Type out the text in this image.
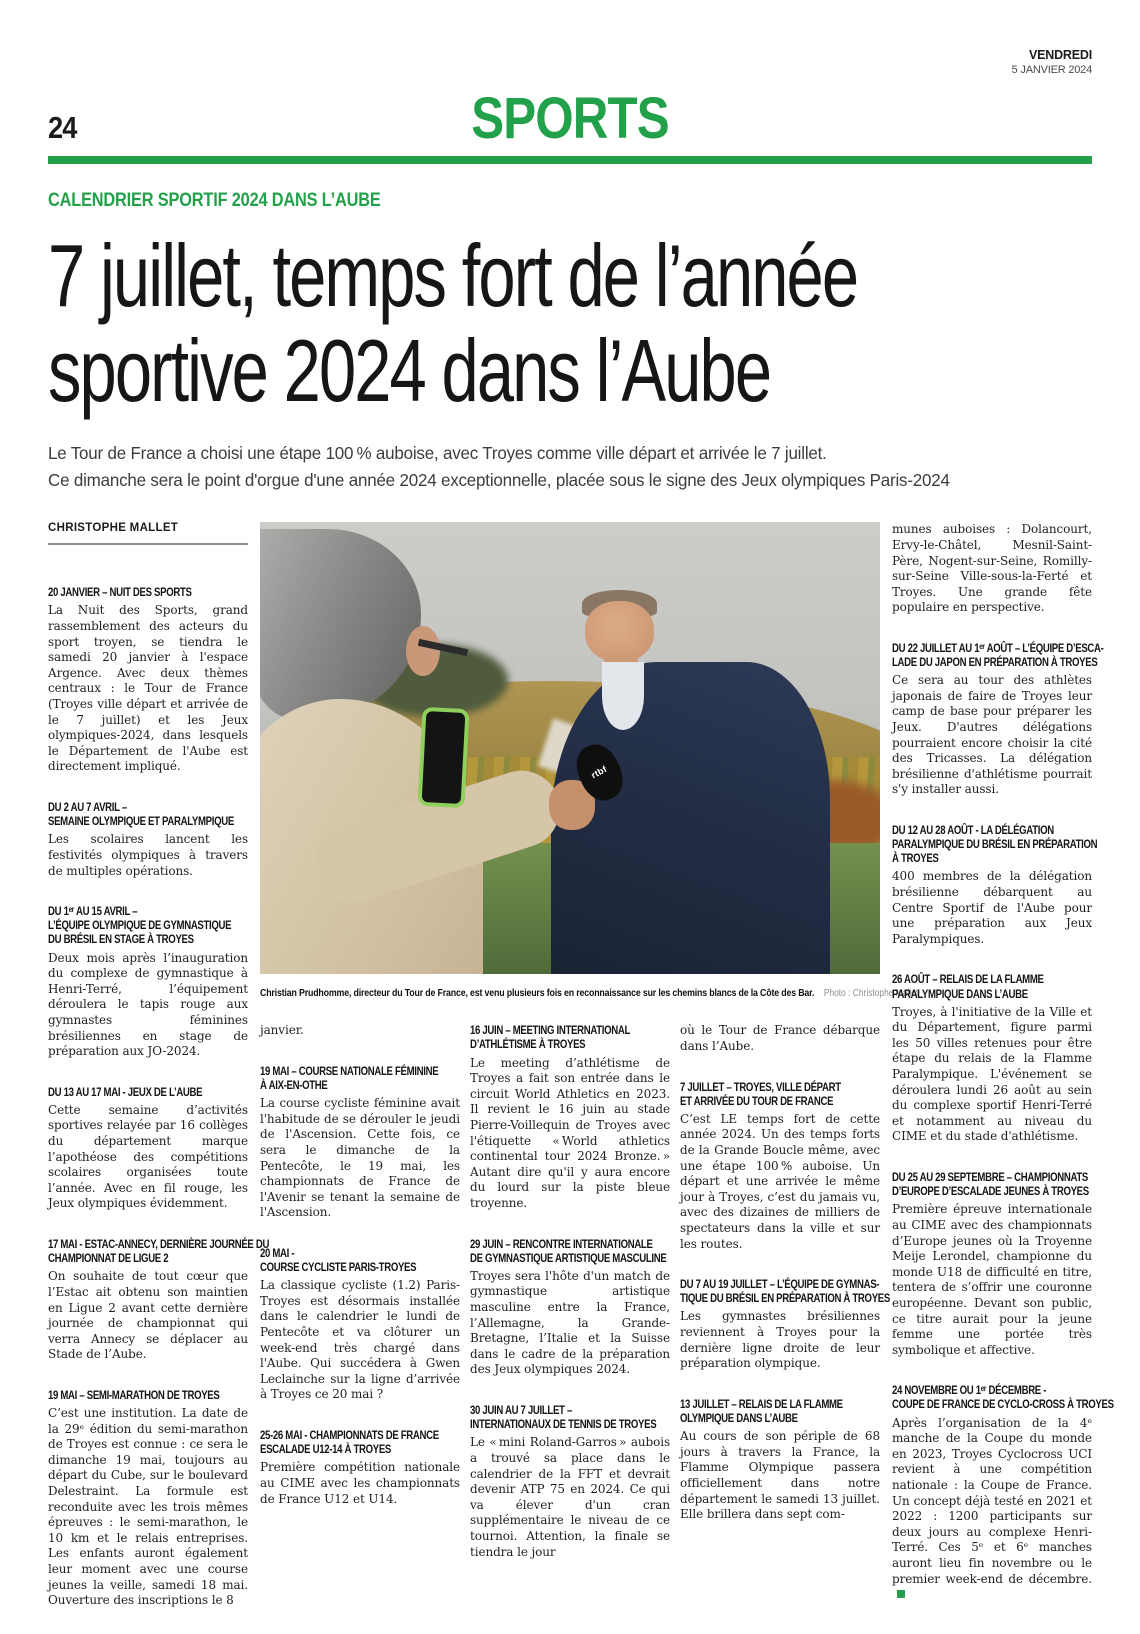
24	SPORTS
VENDREDI
5 JANVIER 2024
CALENDRIER SPORTIF 2024 DANS L’AUBE
7 juillet, temps fort de l’année
sportive 2024 dans l’Aube
Le Tour de France a choisi une étape 100 % auboise, avec Troyes comme ville départ et arrivée le 7 juillet.
Ce dimanche sera le point d'orgue d'une année 2024 exceptionnelle, placée sous le signe des Jeux olympiques Paris-2024
CHRISTOPHE MALLET
20 JANVIER – NUIT DES SPORTS

La Nuit des Sports, grand rassemblement des acteurs du sport troyen, se tiendra le samedi 20 janvier à l'espace Argence. Avec deux thèmes centraux : le Tour de France (Troyes ville départ et arrivée de le 7 juillet) et les Jeux olympiques-2024, dans lesquels le Département de l'Aube est directement impliqué.

DU 2 AU 7 AVRIL –
SEMAINE OLYMPIQUE ET PARALYMPIQUE

Les scolaires lancent les festivités olympiques à travers de multiples opérations.

DU 1ᵉʳ AU 15 AVRIL –
L’ÉQUIPE OLYMPIQUE DE GYMNASTIQUE
DU BRÉSIL EN STAGE À TROYES

Deux mois après l’inauguration du complexe de gymnastique à Henri-Terré, l’équipement déroulera le tapis rouge aux gymnastes féminines brésiliennes en stage de préparation aux JO-2024.

DU 13 AU 17 MAI - JEUX DE L’AUBE

Cette semaine d’activités sportives relayée par 16 collèges du département marque l’apothéose des compétitions scolaires organisées toute l’année. Avec en fil rouge, les Jeux olympiques évidemment.

17 MAI - ESTAC-ANNECY, DERNIÈRE JOURNÉE DU
CHAMPIONNAT DE LIGUE 2

On souhaite de tout cœur que l’Estac ait obtenu son maintien en Ligue 2 avant cette dernière journée de championnat qui verra Annecy se déplacer au Stade de l’Aube.

19 MAI – SEMI-MARATHON DE TROYES

C’est une institution. La date de la 29ᵉ édition du semi-marathon de Troyes est connue : ce sera le dimanche 19 mai, toujours au départ du Cube, sur le boulevard Delestraint. La formule est reconduite avec les trois mêmes épreuves : le semi-marathon, le 10 km et le relais entreprises. Les enfants auront également leur moment avec une course jeunes la veille, samedi 18 mai. Ouverture des inscriptions le 8

rtbf
Christian Prudhomme, directeur du Tour de France, est venu plusieurs fois en reconnaissance sur les chemins blancs de la Côte des Bar. Photo : Christophe Mallet

janvier.

19 MAI – COURSE NATIONALE FÉMININE
À AIX-EN-OTHE

La course cycliste féminine avait l'habitude de se dérouler le jeudi de l'Ascension. Cette fois, ce sera le dimanche de la Pentecôte, le 19 mai, les championnats de France de l'Avenir se tenant la semaine de l'Ascension.

20 MAI -
COURSE CYCLISTE PARIS-TROYES

La classique cycliste (1.2) Paris-Troyes est désormais installée dans le calendrier le lundi de Pentecôte et va clôturer un week-end très chargé dans l'Aube. Qui succédera à Gwen Leclainche sur la ligne d’arrivée à Troyes ce 20 mai ?

25-26 MAI - CHAMPIONNATS DE FRANCE
ESCALADE U12-14 À TROYES

Première compétition nationale au CIME avec les championnats de France U12 et U14.

16 JUIN – MEETING INTERNATIONAL
D’ATHLÉTISME À TROYES

Le meeting d’athlétisme de Troyes a fait son entrée dans le circuit World Athletics en 2023. Il revient le 16 juin au stade Pierre-Voillequin de Troyes avec l'étiquette « World athletics continental tour 2024 Bronze. » Autant dire qu'il y aura encore du lourd sur la piste bleue troyenne.

29 JUIN – RENCONTRE INTERNATIONALE
DE GYMNASTIQUE ARTISTIQUE MASCULINE

Troyes sera l'hôte d'un match de gymnastique artistique masculine entre la France, l’Allemagne, la Grande-Bretagne, l’Italie et la Suisse dans le cadre de la préparation des Jeux olympiques 2024.

30 JUIN AU 7 JUILLET –
INTERNATIONAUX DE TENNIS DE TROYES

Le « mini Roland-Garros » aubois a trouvé sa place dans le calendrier de la FFT et devrait devenir ATP 75 en 2024. Ce qui va élever d'un cran supplémentaire le niveau de ce tournoi. Attention, la finale se tiendra le jour

où le Tour de France débarque dans l’Aube.

7 JUILLET – TROYES, VILLE DÉPART
ET ARRIVÉE DU TOUR DE FRANCE

C’est LE temps fort de cette année 2024. Un des temps forts de la Grande Boucle même, avec une étape 100 % auboise. Un départ et une arrivée le même jour à Troyes, c’est du jamais vu, avec des dizaines de milliers de spectateurs dans la ville et sur les routes.

DU 7 AU 19 JUILLET – L’ÉQUIPE DE GYMNAS-
TIQUE DU BRÉSIL EN PRÉPARATION À TROYES

Les gymnastes brésiliennes reviennent à Troyes pour la dernière ligne droite de leur préparation olympique.

13 JUILLET – RELAIS DE LA FLAMME
OLYMPIQUE DANS L’AUBE

Au cours de son périple de 68 jours à travers la France, la Flamme Olympique passera officiellement dans notre département le samedi 13 juillet. Elle brillera dans sept com-

munes auboises : Dolancourt, Ervy-le-Châtel, Mesnil-Saint-Père, Nogent-sur-Seine, Romilly-sur-Seine Ville-sous-la-Ferté et Troyes. Une grande fête populaire en perspective.

DU 22 JUILLET AU 1ᵉʳ AOÛT – L’ÉQUIPE D’ESCA-
LADE DU JAPON EN PRÉPARATION À TROYES

Ce sera au tour des athlètes japonais de faire de Troyes leur camp de base pour préparer les Jeux. D'autres délégations pourraient encore choisir la cité des Tricasses. La délégation brésilienne d'athlétisme pourrait s'y installer aussi.

DU 12 AU 28 AOÛT - LA DÉLÉGATION
PARALYMPIQUE DU BRÉSIL EN PRÉPARATION
À TROYES

400 membres de la délégation brésilienne débarquent au Centre Sportif de l'Aube pour une préparation aux Jeux Paralympiques.

26 AOÛT – RELAIS DE LA FLAMME
PARALYMPIQUE DANS L’AUBE

Troyes, à l'initiative de la Ville et du Département, figure parmi les 50 villes retenues pour être étape du relais de la Flamme Paralympique. L'événement se déroulera lundi 26 août au sein du complexe sportif Henri-Terré et notamment au niveau du CIME et du stade d'athlétisme.

DU 25 AU 29 SEPTEMBRE – CHAMPIONNATS
D’EUROPE D’ESCALADE JEUNES À TROYES

Première épreuve internationale au CIME avec des championnats d’Europe jeunes où la Troyenne Meije Lerondel, championne du monde U18 de difficulté en titre, tentera de s’offrir une couronne européenne. Devant son public, ce titre aurait pour la jeune femme une portée très symbolique et affective.

24 NOVEMBRE OU 1ᵉʳ DÉCEMBRE -
COUPE DE FRANCE DE CYCLO-CROSS À TROYES

Après l’organisation de la 4ᵉ manche de la Coupe du monde en 2023, Troyes Cyclocross UCI revient à une compétition nationale : la Coupe de France. Un concept déjà testé en 2021 et 2022 : 1200 participants sur deux jours au complexe Henri-Terré. Ces 5ᵉ et 6ᵉ manches auront lieu fin novembre ou le premier week-end de décembre.
